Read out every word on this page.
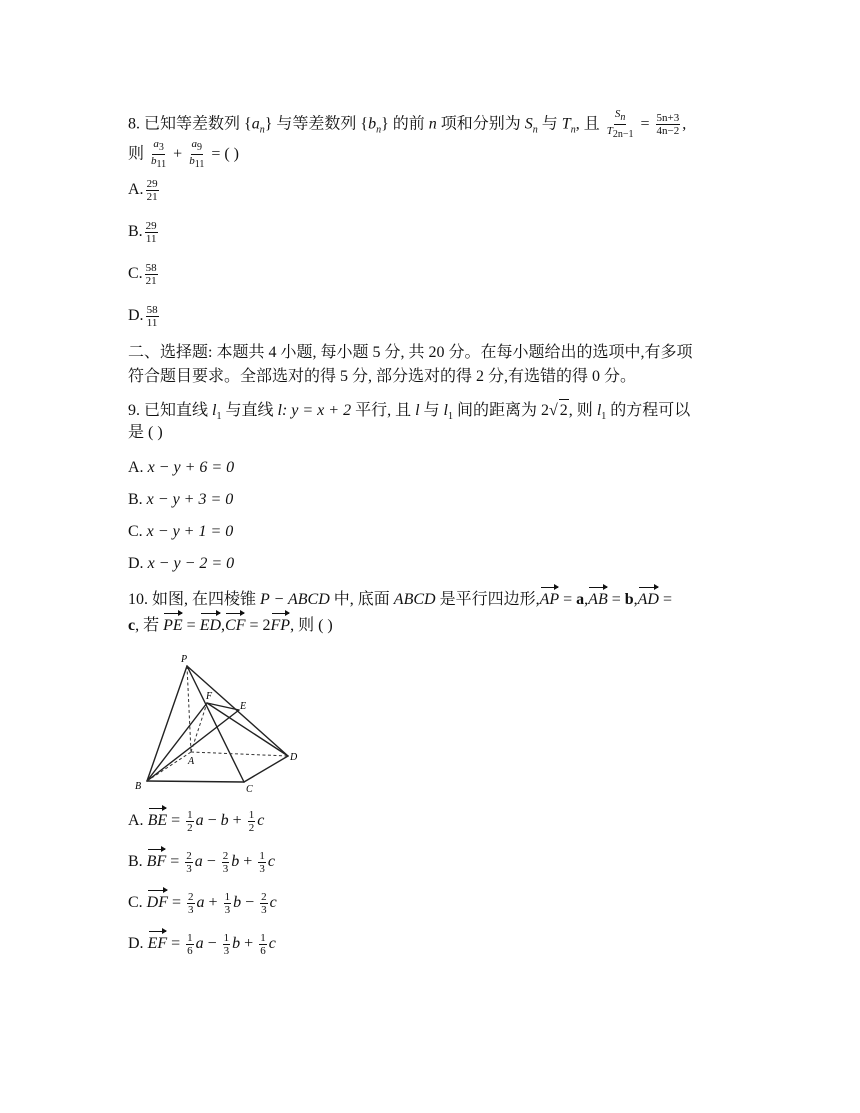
8. 已知等差数列 $\{a_n\}$ 与等差数列 $\{b_n\}$ 的前 n 项和分别为 $S_n$ 与 $T_n$, 且 $\frac{S_n}{T_{2n-1}} = \frac{5n+3}{4n-2}$ ,
则 $\frac{a_3}{b_{11}} + \frac{a_9}{b_{11}}$ = ( )
A. $\frac{29}{21}$
B. $\frac{29}{11}$
C. $\frac{58}{21}$
D. $\frac{58}{11}$
二、选择题: 本题共 4 小题, 每小题 5 分, 共 20 分。在每小题给出的选项中,有多项
符合题目要求。全部选对的得 5 分, 部分选对的得 2 分,有选错的得 0 分。
9. 已知直线 $l_1$ 与直线 l: y = x + 2 平行, 且 l 与 $l_1$ 间的距离为 2√ 2, 则 $l_1$ 的方程可以
是 ( )
A. x − y + 6 = 0
B. x − y + 3 = 0
C. x − y + 1 = 0
D. x − y − 2 = 0
10. 如图, 在四棱锥 P − ABCD 中, 底面 ABCD 是平行四边形,AP = a,AB = b,AD =
c, 若 PE = ED,CF = 2FP, 则 ( )
P
F
E
A	D
B	C
A. BE = $\frac{1}{2}$ $a - b + \frac{1}{2}$ c
B. BF = $\frac{2}{3}$ $a - \frac{2}{3}$ $b + \frac{1}{3}$ c
C. DF = $\frac{2}{3}$ $a + \frac{1}{3}$ $b - \frac{2}{3}$ c
D. EF = $\frac{1}{6}$ $a - \frac{1}{3}$ $b + \frac{1}{6}$ c
